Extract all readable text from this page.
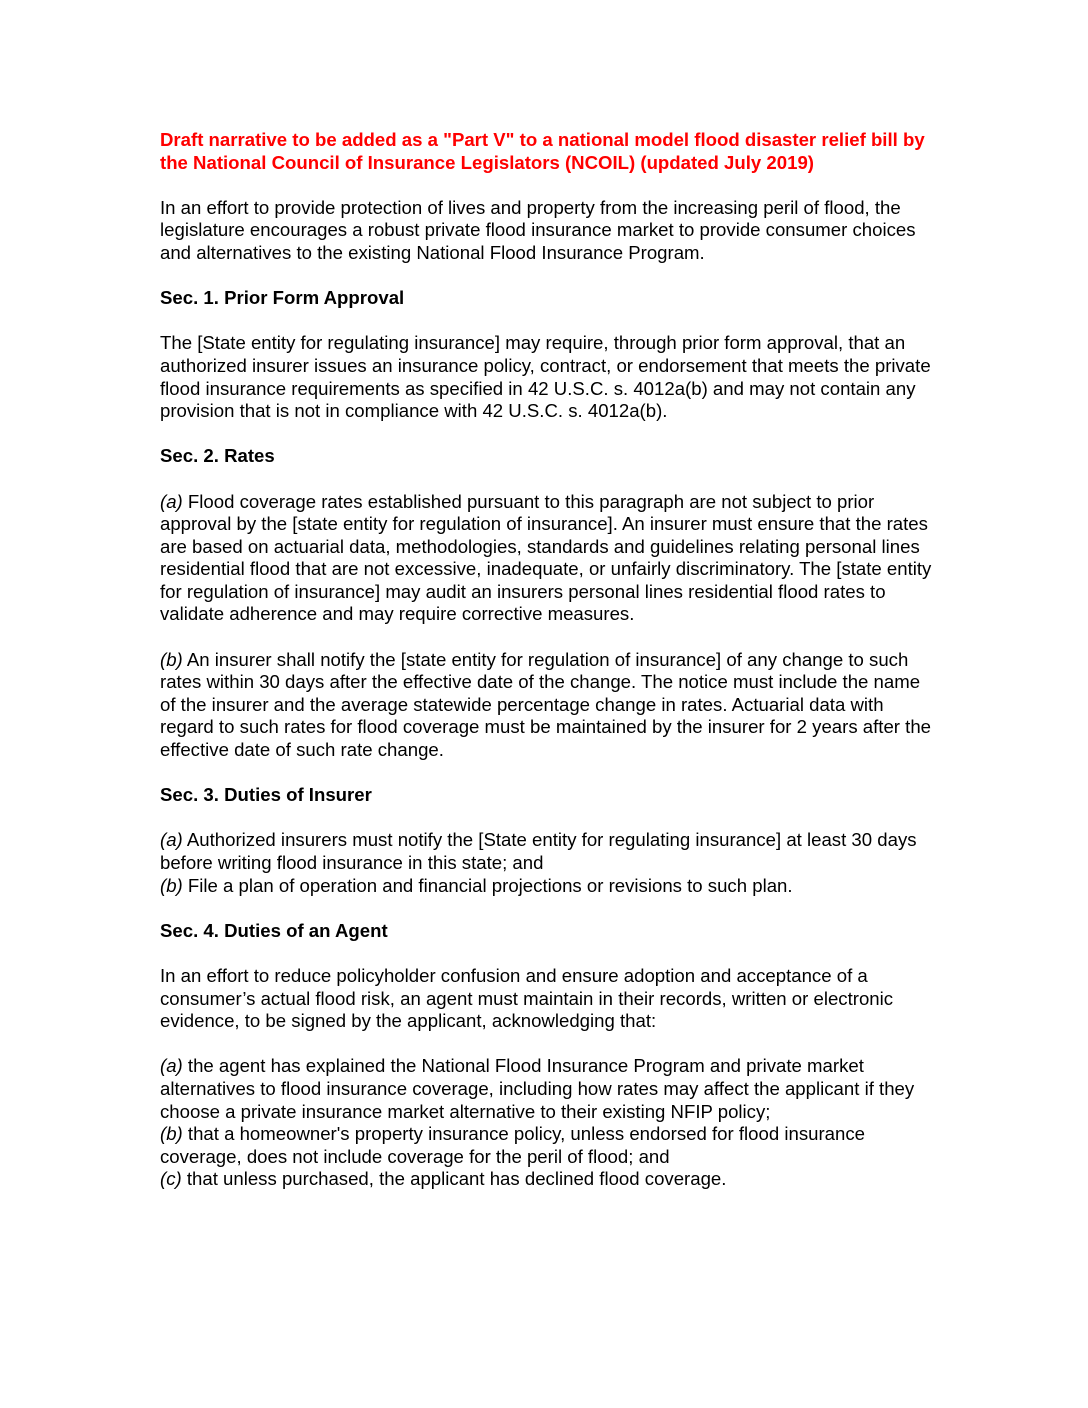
Draft narrative to be added as a "Part V" to a national model flood disaster relief bill by the National Council of Insurance Legislators (NCOIL) (updated July 2019)

In an effort to provide protection of lives and property from the increasing peril of flood, the legislature encourages a robust private flood insurance market to provide consumer choices and alternatives to the existing National Flood Insurance Program.

Sec. 1. Prior Form Approval

The [State entity for regulating insurance] may require, through prior form approval, that an authorized insurer issues an insurance policy, contract, or endorsement that meets the private flood insurance requirements as specified in 42 U.S.C. s. 4012a(b) and may not contain any provision that is not in compliance with 42 U.S.C. s. 4012a(b).

Sec. 2. Rates

(a) Flood coverage rates established pursuant to this paragraph are not subject to prior approval by the [state entity for regulation of insurance]. An insurer must ensure that the rates are based on actuarial data, methodologies, standards and guidelines relating personal lines residential flood that are not excessive, inadequate, or unfairly discriminatory. The [state entity for regulation of insurance] may audit an insurers personal lines residential flood rates to validate adherence and may require corrective measures.

(b) An insurer shall notify the [state entity for regulation of insurance] of any change to such rates within 30 days after the effective date of the change. The notice must include the name of the insurer and the average statewide percentage change in rates. Actuarial data with regard to such rates for flood coverage must be maintained by the insurer for 2 years after the effective date of such rate change.

Sec. 3. Duties of Insurer
(a) Authorized insurers must notify the [State entity for regulating insurance] at least 30 days before writing flood insurance in this state; and
(b) File a plan of operation and financial projections or revisions to such plan.
Sec. 4. Duties of an Agent

In an effort to reduce policyholder confusion and ensure adoption and acceptance of a consumer’s actual flood risk, an agent must maintain in their records, written or electronic evidence, to be signed by the applicant, acknowledging that:

(a) the agent has explained the National Flood Insurance Program and private market alternatives to flood insurance coverage, including how rates may affect the applicant if they choose a private insurance market alternative to their existing NFIP policy;
(b) that a homeowner's property insurance policy, unless endorsed for flood insurance coverage, does not include coverage for the peril of flood; and
(c) that unless purchased, the applicant has declined flood coverage.
